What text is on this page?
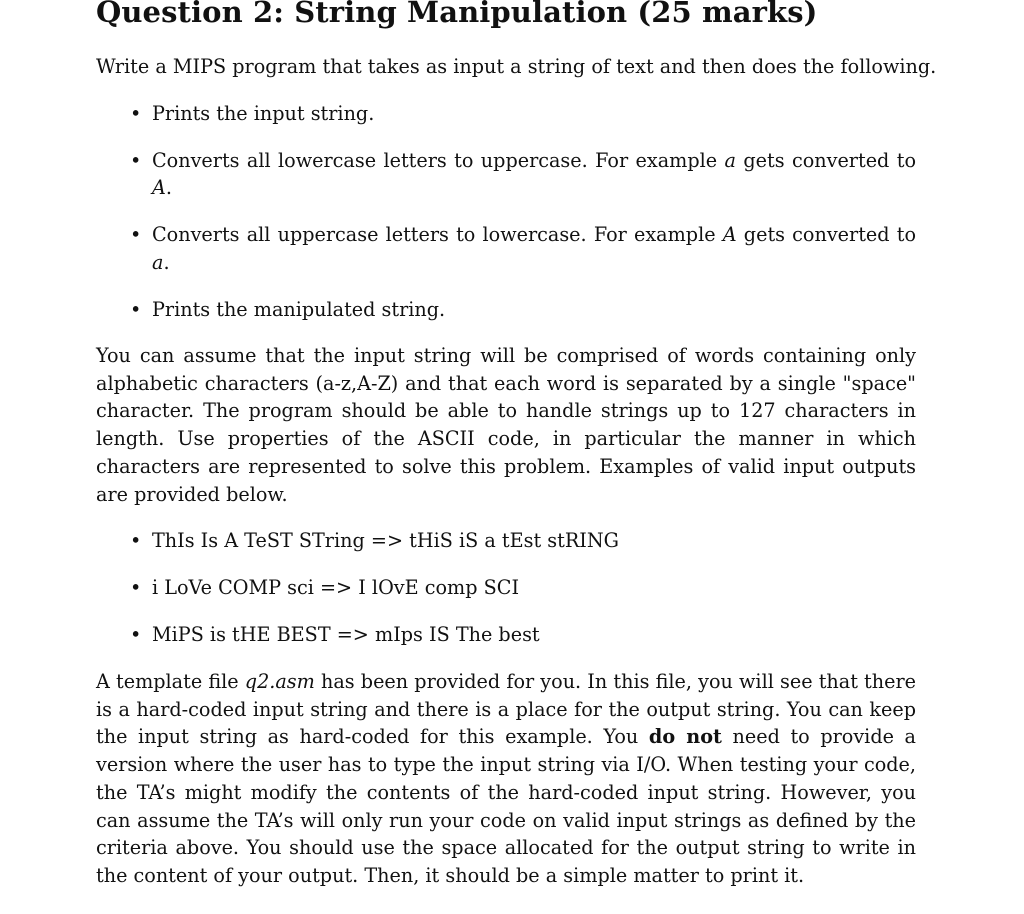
Question 2: String Manipulation (25 marks)
Write a MIPS program that takes as input a string of text and then does the following.
• Prints the input string.
• Converts all lowercase letters to uppercase. For example a gets converted to A.
• Converts all uppercase letters to lowercase. For example A gets converted to a.
• Prints the manipulated string.
You can assume that the input string will be comprised of words containing only alphabetic characters (a-z,A-Z) and that each word is separated by a single "space" character. The program should be able to handle strings up to 127 characters in length. Use properties of the ASCII code, in particular the manner in which characters are represented to solve this problem. Examples of valid input outputs are provided below.
• ThIs Is A TeST STring => tHiS iS a tEst stRING
• i LoVe COMP sci => I lOvE comp SCI
• MiPS is tHE BEST => mIps IS The best
A template file q2.asm has been provided for you. In this file, you will see that there is a hard-coded input string and there is a place for the output string. You can keep the input string as hard-coded for this example. You do not need to provide a version where the user has to type the input string via I/O. When testing your code, the TA’s might modify the contents of the hard-coded input string. However, you can assume the TA’s will only run your code on valid input strings as defined by the criteria above. You should use the space allocated for the output string to write in the content of your output. Then, it should be a simple matter to print it.
